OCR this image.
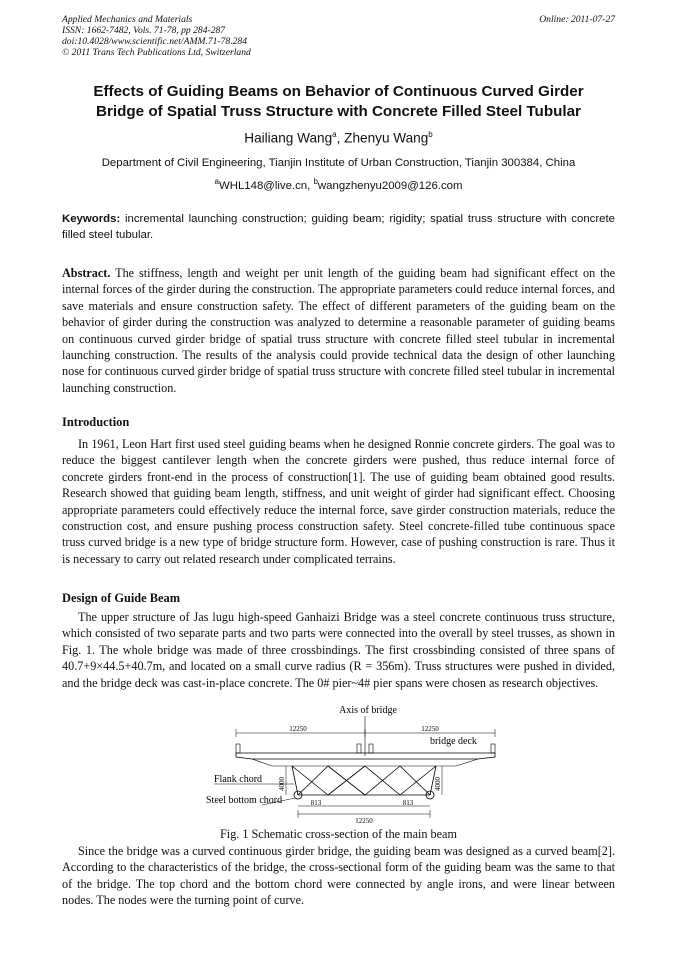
Applied Mechanics and Materials
ISSN: 1662-7482, Vols. 71-78, pp 284-287
doi:10.4028/www.scientific.net/AMM.71-78.284
© 2011 Trans Tech Publications Ltd, Switzerland
Online: 2011-07-27
Effects of Guiding Beams on Behavior of Continuous Curved Girder
Bridge of Spatial Truss Structure with Concrete Filled Steel Tubular
Hailiang Wang$^a$, Zhenyu Wang$^b$
Department of Civil Engineering, Tianjin Institute of Urban Construction, Tianjin 300384, China
$^a$WHL148@live.cn, $^b$wangzhenyu2009@126.com
Keywords: incremental launching construction; guiding beam; rigidity; spatial truss structure with concrete filled steel tubular.
Abstract. The stiffness, length and weight per unit length of the guiding beam had significant effect on the internal forces of the girder during the construction. The appropriate parameters could reduce internal forces, and save materials and ensure construction safety. The effect of different parameters of the guiding beam on the behavior of girder during the construction was analyzed to determine a reasonable parameter of guiding beams on continuous curved girder bridge of spatial truss structure with concrete filled steel tubular in incremental launching construction. The results of the analysis could provide technical data the design of other launching nose for continuous curved girder bridge of spatial truss structure with concrete filled steel tubular in incremental launching construction.
Introduction
In 1961, Leon Hart first used steel guiding beams when he designed Ronnie concrete girders. The goal was to reduce the biggest cantilever length when the concrete girders were pushed, thus reduce internal force of concrete girders front-end in the process of construction[1]. The use of guiding beam obtained good results. Research showed that guiding beam length, stiffness, and unit weight of girder had significant effect. Choosing appropriate parameters could effectively reduce the internal force, save girder construction materials, reduce the construction cost, and ensure pushing process construction safety. Steel concrete-filled tube continuous space truss curved bridge is a new type of bridge structure form. However, case of pushing construction is rare. Thus it is necessary to carry out related research under complicated terrains.
Design of Guide Beam
The upper structure of Jas lugu high-speed Ganhaizi Bridge was a steel concrete continuous truss structure, which consisted of two separate parts and two parts were connected into the overall by steel trusses, as shown in Fig. 1. The whole bridge was made of three crossbindings. The first crossbinding consisted of three spans of 40.7+9×44.5+40.7m, and located on a small curve radius (R = 356m). Truss structures were pushed in divided, and the bridge deck was cast-in-place concrete. The 0# pier~4# pier spans were chosen as research objectives.
Axis of bridge
12250	12250
bridge deck
4000	4000
Flank chord
Steel bottom chord	813	813
12250
Fig. 1 Schematic cross-section of the main beam
Since the bridge was a curved continuous girder bridge, the guiding beam was designed as a curved beam[2]. According to the characteristics of the bridge, the cross-sectional form of the guiding beam was the same to that of the bridge. The top chord and the bottom chord were connected by angle irons, and were linear between nodes. The nodes were the turning point of curve.
